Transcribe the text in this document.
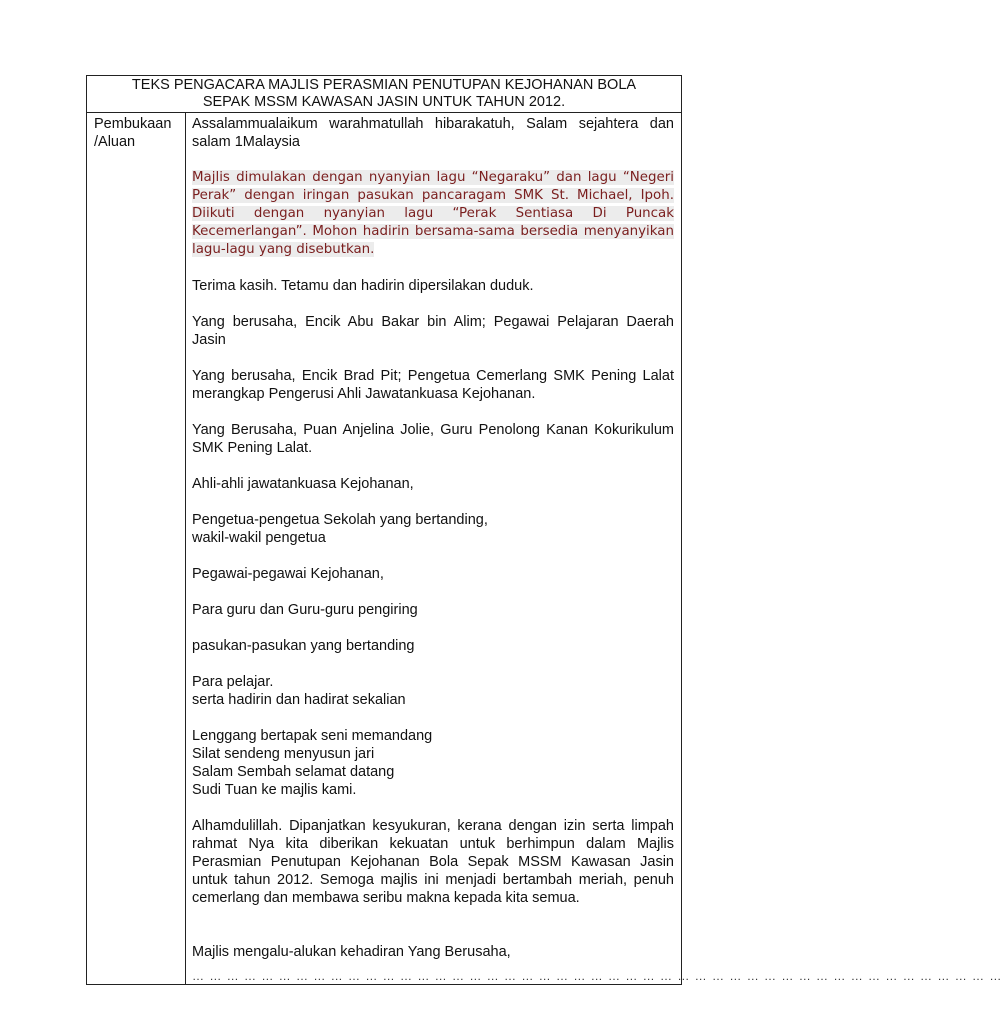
TEKS PENGACARA MAJLIS PERASMIAN PENUTUPAN KEJOHANAN BOLA
SEPAK MSSM KAWASAN JASIN UNTUK TAHUN 2012.
Pembukaan
/Aluan

Assalammualaikum warahmatullah hibarakatuh, Salam sejahtera dan salam 1Malaysia

Majlis dimulakan dengan nyanyian lagu “Negaraku” dan lagu “Negeri Perak” dengan iringan pasukan pancaragam SMK St. Michael, Ipoh. Diikuti dengan nyanyian lagu “Perak Sentiasa Di Puncak Kecemerlangan”. Mohon hadirin bersama-sama bersedia menyanyikan lagu-lagu yang disebutkan.

Terima kasih. Tetamu dan hadirin dipersilakan duduk.

Yang berusaha, Encik Abu Bakar bin Alim; Pegawai Pelajaran Daerah Jasin

Yang berusaha, Encik Brad Pit; Pengetua Cemerlang SMK Pening Lalat merangkap Pengerusi Ahli Jawatankuasa Kejohanan.

Yang Berusaha, Puan Anjelina Jolie, Guru Penolong Kanan Kokurikulum SMK Pening Lalat.

Ahli-ahli jawatankuasa Kejohanan,

Pengetua-pengetua Sekolah yang bertanding,
wakil-wakil pengetua

Pegawai-pegawai Kejohanan,

Para guru dan Guru-guru pengiring

pasukan-pasukan yang bertanding

Para pelajar.
serta hadirin dan hadirat sekalian
Lenggang bertapak seni memandang
Silat sendeng menyusun jari
Salam Sembah selamat datang
Sudi Tuan ke majlis kami.

Alhamdulillah. Dipanjatkan kesyukuran, kerana dengan izin serta limpah rahmat Nya kita diberikan kekuatan untuk berhimpun dalam Majlis Perasmian Penutupan Kejohanan Bola Sepak MSSM Kawasan Jasin untuk tahun 2012. Semoga majlis ini menjadi bertambah meriah, penuh cemerlang dan membawa seribu makna kepada kita semua.

Majlis mengalu-alukan kehadiran Yang Berusaha,

… … … … … … … … … … … … … … … … … … … … … … … … … … … … … … … … … … … … … … … … … … … … … … …
